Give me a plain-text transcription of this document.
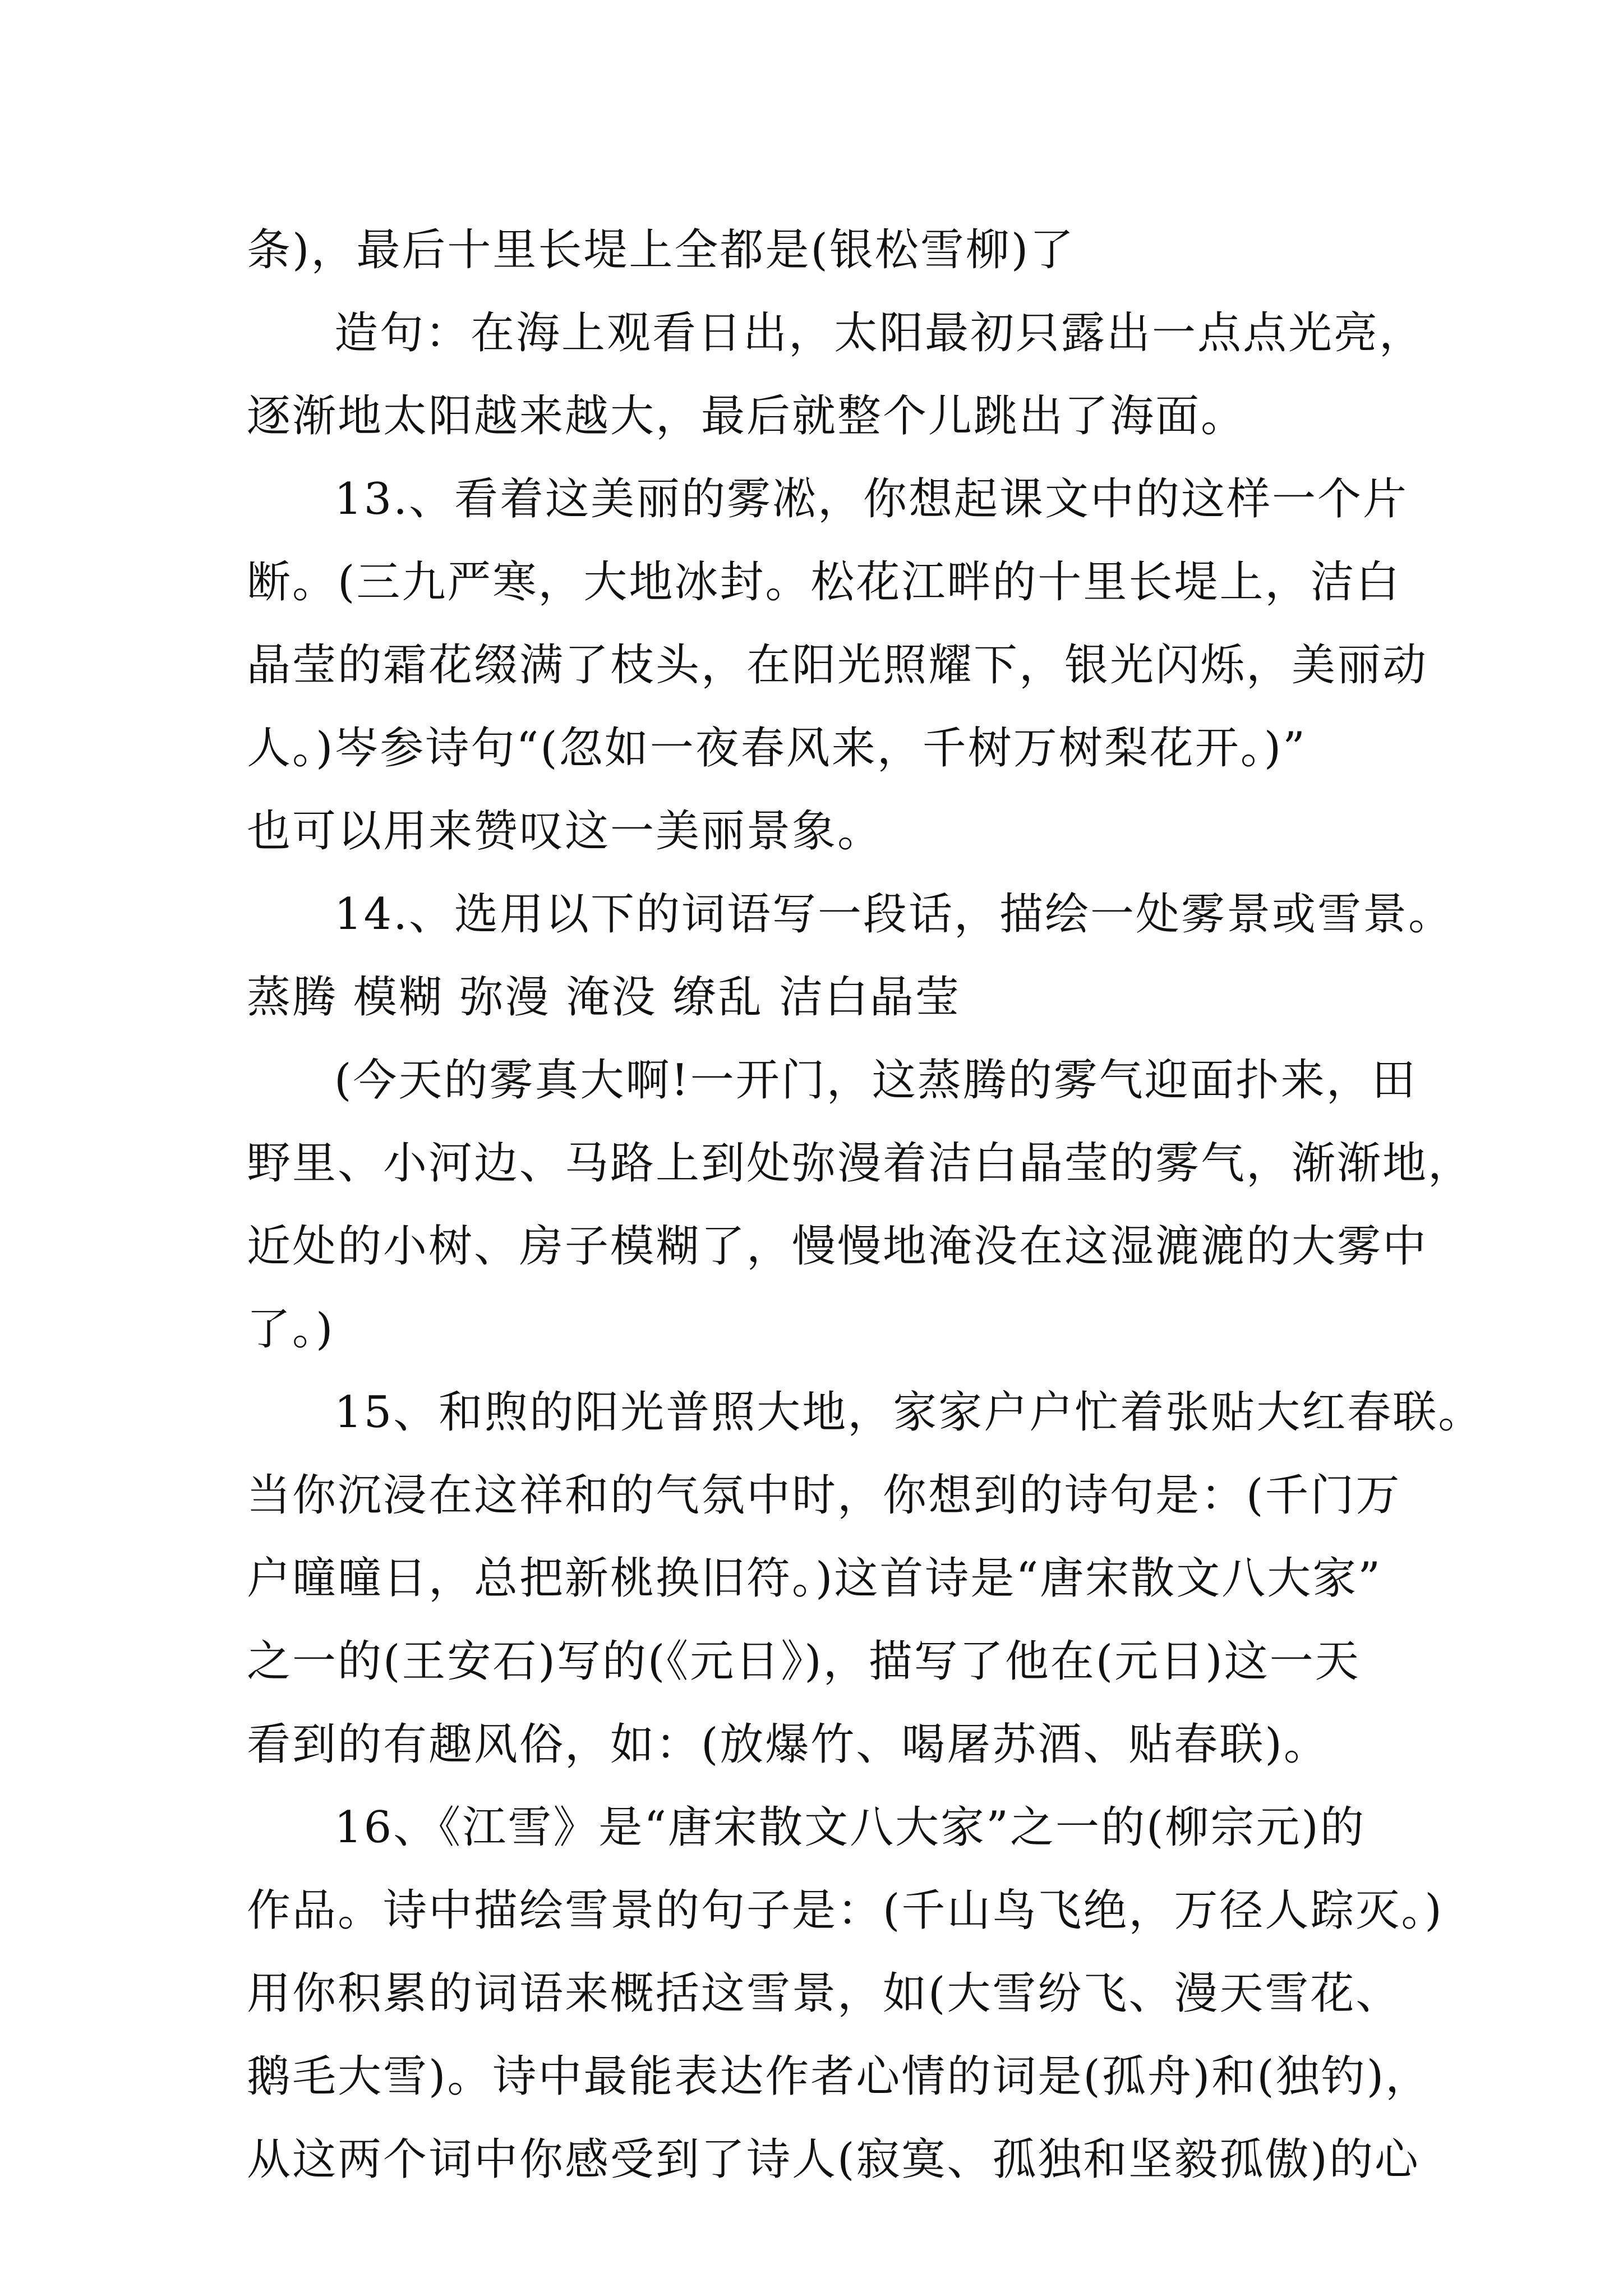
条)，最后十里长堤上全都是(银松雪柳)了
造句：在海上观看日出，太阳最初只露出一点点光亮，
逐渐地太阳越来越大，最后就整个儿跳出了海面。
13.、看着这美丽的雾凇，你想起课文中的这样一个片
断。(三九严寒，大地冰封。松花江畔的十里长堤上，洁白
晶莹的霜花缀满了枝头，在阳光照耀下，银光闪烁，美丽动
人。)岑参诗句“(忽如一夜春风来，千树万树梨花开。)”
也可以用来赞叹这一美丽景象。
14.、选用以下的词语写一段话，描绘一处雾景或雪景。
蒸腾 模糊 弥漫 淹没 缭乱 洁白晶莹
(今天的雾真大啊!一开门，这蒸腾的雾气迎面扑来，田
野里、小河边、马路上到处弥漫着洁白晶莹的雾气，渐渐地，
近处的小树、房子模糊了，慢慢地淹没在这湿漉漉的大雾中
了。)
15、和煦的阳光普照大地，家家户户忙着张贴大红春联。
当你沉浸在这祥和的气氛中时，你想到的诗句是：(千门万
户曈曈日，总把新桃换旧符。)这首诗是“唐宋散文八大家”
之一的(王安石)写的(《元日》)，描写了他在(元日)这一天
看到的有趣风俗，如：(放爆竹、喝屠苏酒、贴春联)。
16、《江雪》是“唐宋散文八大家”之一的(柳宗元)的
作品。诗中描绘雪景的句子是：(千山鸟飞绝，万径人踪灭。)
用你积累的词语来概括这雪景，如(大雪纷飞、漫天雪花、
鹅毛大雪)。诗中最能表达作者心情的词是(孤舟)和(独钓)，
从这两个词中你感受到了诗人(寂寞、孤独和坚毅孤傲)的心
